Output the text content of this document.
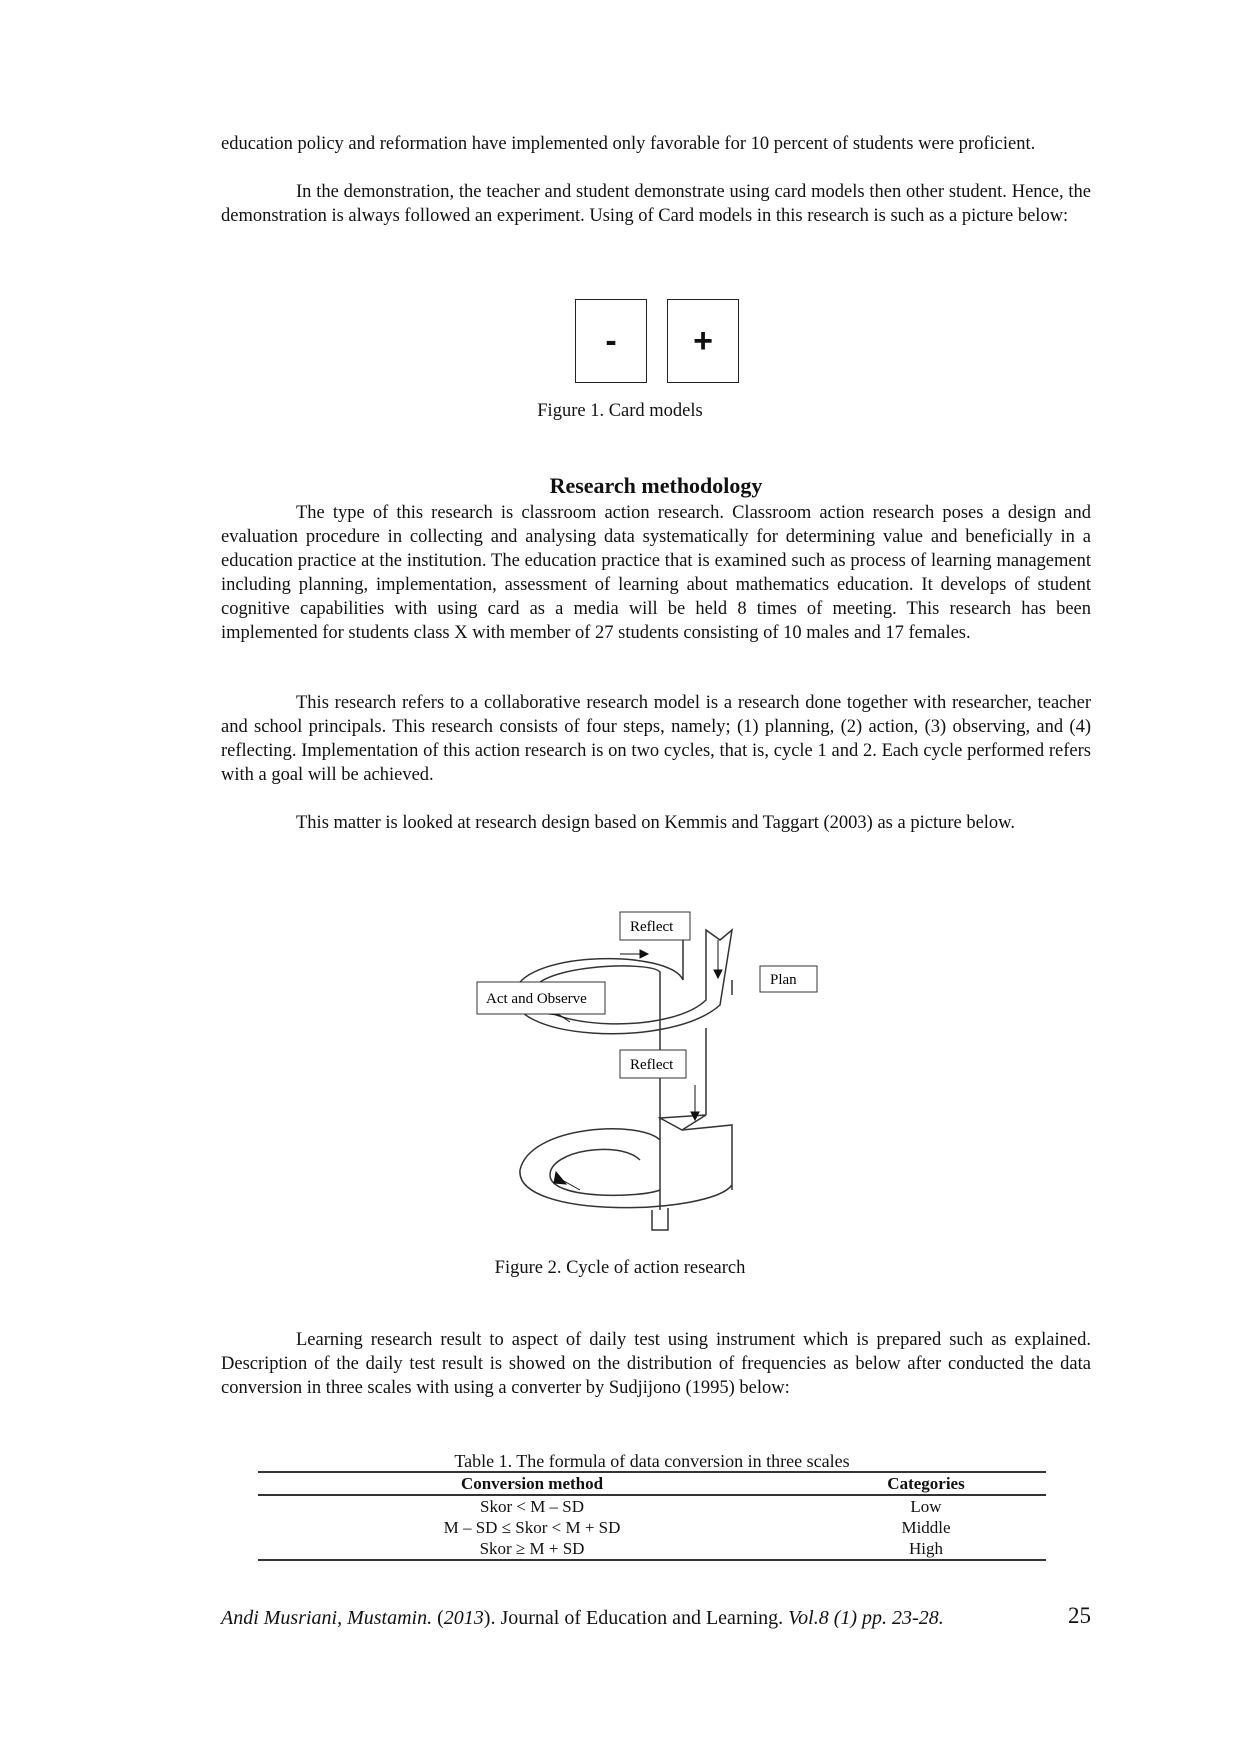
education policy and reformation have implemented only favorable for 10 percent of students were proficient.

In the demonstration, the teacher and student demonstrate using card models then other student. Hence, the demonstration is always followed an experiment. Using of Card models in this research is such as a picture below:

-	+
Figure 1. Card models
Research methodology

The type of this research is classroom action research. Classroom action research poses a design and evaluation procedure in collecting and analysing data systematically for determining value and beneficially in a education practice at the institution. The education practice that is examined such as process of learning management including planning, implementation, assessment of learning about mathematics education. It develops of student cognitive capabilities with using card as a media will be held 8 times of meeting. This research has been implemented for students class X with member of 27 students consisting of 10 males and 17 females.

This research refers to a collaborative research model is a research done together with researcher, teacher and school principals. This research consists of four steps, namely; (1) planning, (2) action, (3) observing, and (4) reflecting. Implementation of this action research is on two cycles, that is, cycle 1 and 2. Each cycle performed refers with a goal will be achieved.

This matter is looked at research design based on Kemmis and Taggart (2003) as a picture below.

Reflect
Plan
Act and Observe
Reflect
Figure 2. Cycle of action research

Learning research result to aspect of daily test using instrument which is prepared such as explained. Description of the daily test result is showed on the distribution of frequencies as below after conducted the data conversion in three scales with using a converter by Sudjijono (1995) below:

Table 1. The formula of data conversion in three scales
Conversion method	Categories
Skor < M – SD	Low
M – SD ≤ Skor < M + SD	Middle
Skor ≥ M + SD	High
Andi Musriani, Mustamin. (2013). Journal of Education and Learning. Vol.8 (1) pp. 23-28.	25
